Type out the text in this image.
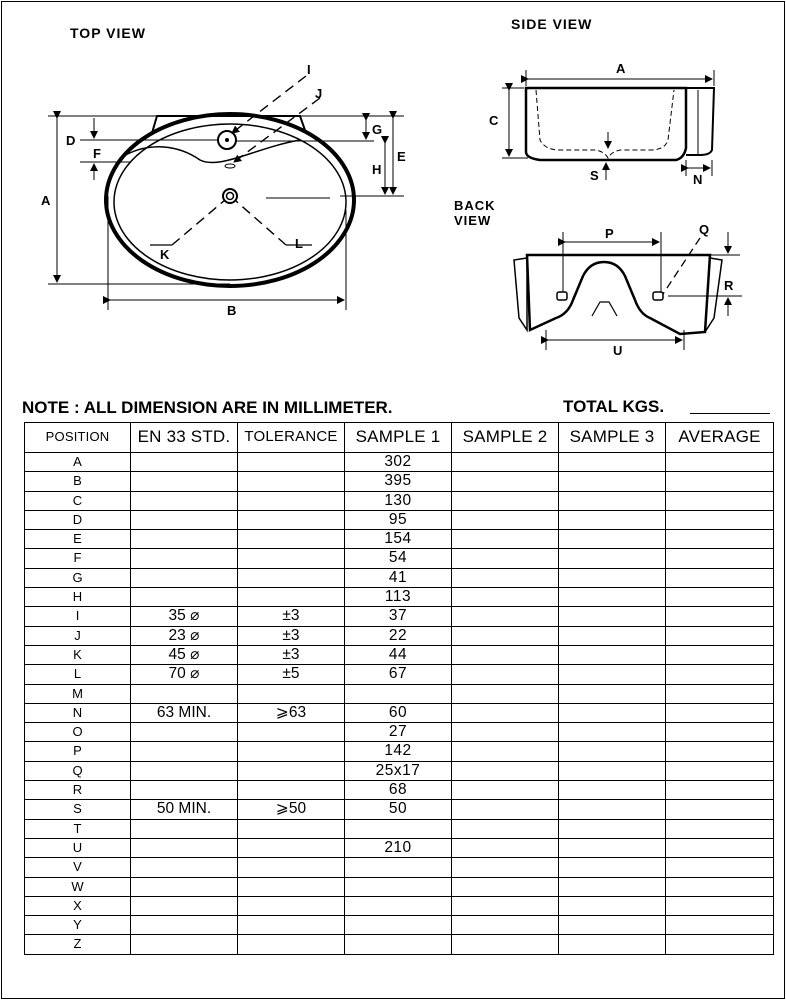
TOP VIEW
SIDE VIEW
BACK
VIEW
I
J
D
F
G
H
E
A
K
L
B
A
C
S	N
P	Q
R
U
NOTE : ALL DIMENSION ARE IN MILLIMETER.	TOTAL KGS.
POSITION	EN 33 STD.	TOLERANCE	SAMPLE 1	SAMPLE 2	SAMPLE 3	AVERAGE
A			302			
B			395			
C			130			
D			95			
E			154			
F			54			
G			41			
H			113			
I	35 ⌀	±3	37			
J	23 ⌀	±3	22			
K	45 ⌀	±3	44			
L	70 ⌀	±5	67			
M						
N	63 MIN.	⩾63	60			
O			27			
P			142			
Q			25x17			
R			68			
S	50 MIN.	⩾50	50			
T						
U			210			
V						
W						
X						
Y						
Z						
